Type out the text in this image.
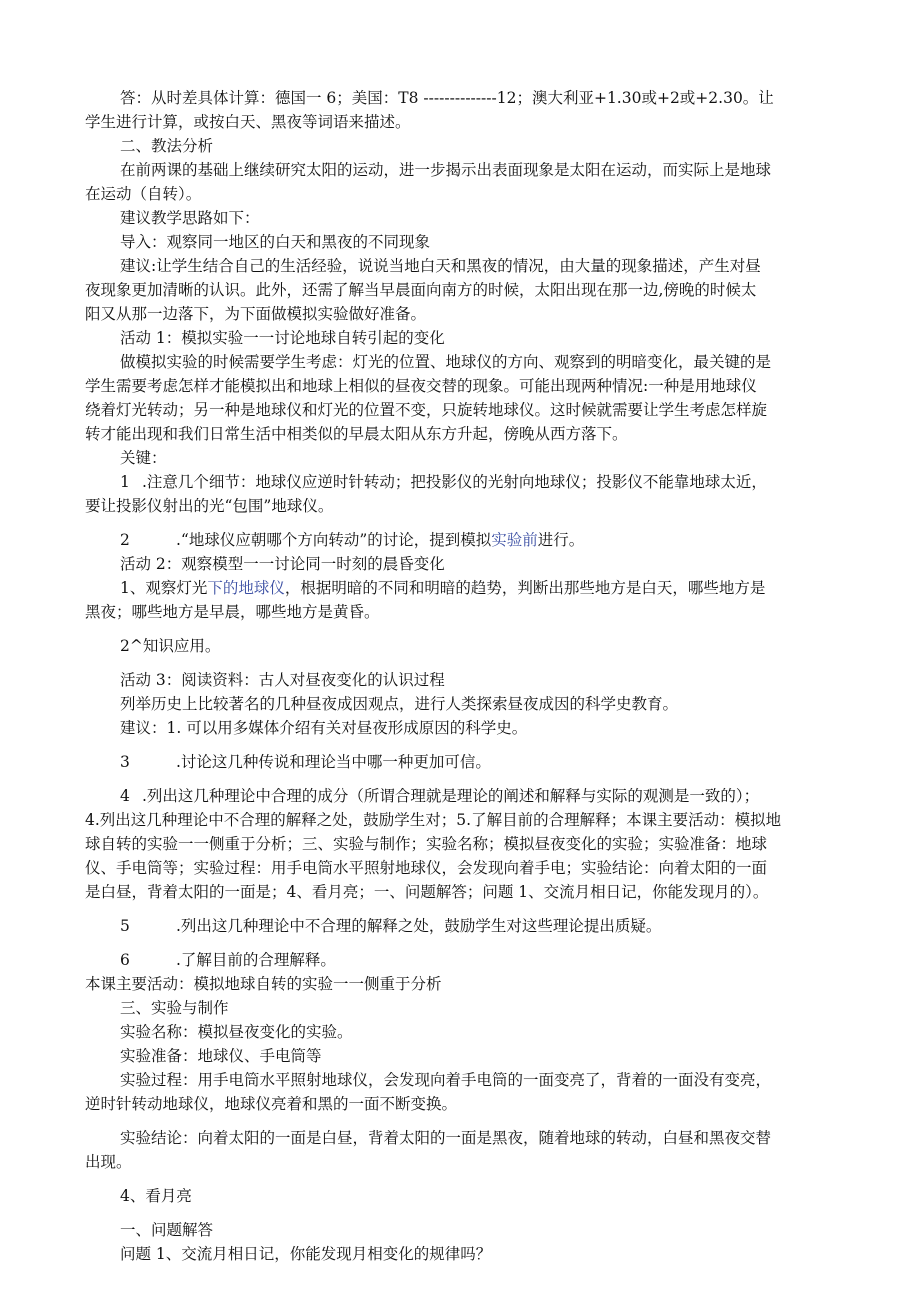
答：从时差具体计算：德国一 6；美国：T8 --------------12；澳大利亚+1.30或+2或+2.30。让

学生进行计算，或按白天、黑夜等词语来描述。

二、教法分析

在前两课的基础上继续研究太阳的运动，进一步揭示出表面现象是太阳在运动，而实际上是地球

在运动（自转）。

建议教学思路如下：

导入：观察同一地区的白天和黑夜的不同现象

建议:让学生结合自己的生活经验，说说当地白天和黑夜的情况，由大量的现象描述，产生对昼

夜现象更加清晰的认识。此外，还需了解当早晨面向南方的时候，太阳出现在那一边,傍晚的时候太

阳又从那一边落下，为下面做模拟实验做好准备。

活动 1：模拟实验一一讨论地球自转引起的变化

做模拟实验的时候需要学生考虑：灯光的位置、地球仪的方向、观察到的明暗变化，最关键的是

学生需要考虑怎样才能模拟出和地球上相似的昼夜交替的现象。可能出现两种情况:一种是用地球仪

绕着灯光转动；另一种是地球仪和灯光的位置不变，只旋转地球仪。这时候就需要让学生考虑怎样旋

转才能出现和我们日常生活中相类似的早晨太阳从东方升起，傍晚从西方落下。

关键：

1 .注意几个细节：地球仪应逆时针转动；把投影仪的光射向地球仪；投影仪不能靠地球太近，

要让投影仪射出的光“包围”地球仪。

2	.“地球仪应朝哪个方向转动”的讨论，提到模拟实验前进行。

活动 2：观察模型一一讨论同一时刻的晨昏变化

1、观察灯光下的地球仪，根据明暗的不同和明暗的趋势，判断出那些地方是白天，哪些地方是

黑夜；哪些地方是早晨，哪些地方是黄昏。

2^知识应用。

活动 3：阅读资料：古人对昼夜变化的认识过程

列举历史上比较著名的几种昼夜成因观点，进行人类探索昼夜成因的科学史教育。

建议：1. 可以用多媒体介绍有关对昼夜形成原因的科学史。

3	.讨论这几种传说和理论当中哪一种更加可信。

4 .列出这几种理论中合理的成分（所谓合理就是理论的阐述和解释与实际的观测是一致的）；

4.列出这几种理论中不合理的解释之处，鼓励学生对；5.了解目前的合理解释；本课主要活动：模拟地

球自转的实验一一侧重于分析；三、实验与制作；实验名称；模拟昼夜变化的实验；实验准备：地球

仪、手电筒等；实验过程：用手电筒水平照射地球仪，会发现向着手电；实验结论：向着太阳的一面

是白昼，背着太阳的一面是；4、看月亮；一、问题解答；问题 1、交流月相日记，你能发现月的）。

5	.列出这几种理论中不合理的解释之处，鼓励学生对这些理论提出质疑。

6	.了解目前的合理解释。

本课主要活动：模拟地球自转的实验一一侧重于分析

三、实验与制作

实验名称：模拟昼夜变化的实验。

实验准备：地球仪、手电筒等

实验过程：用手电筒水平照射地球仪，会发现向着手电筒的一面变亮了，背着的一面没有变亮，

逆时针转动地球仪，地球仪亮着和黑的一面不断变换。

实验结论：向着太阳的一面是白昼，背着太阳的一面是黑夜，随着地球的转动，白昼和黑夜交替

出现。

4、看月亮

一、问题解答

问题 1、交流月相日记，你能发现月相变化的规律吗？
